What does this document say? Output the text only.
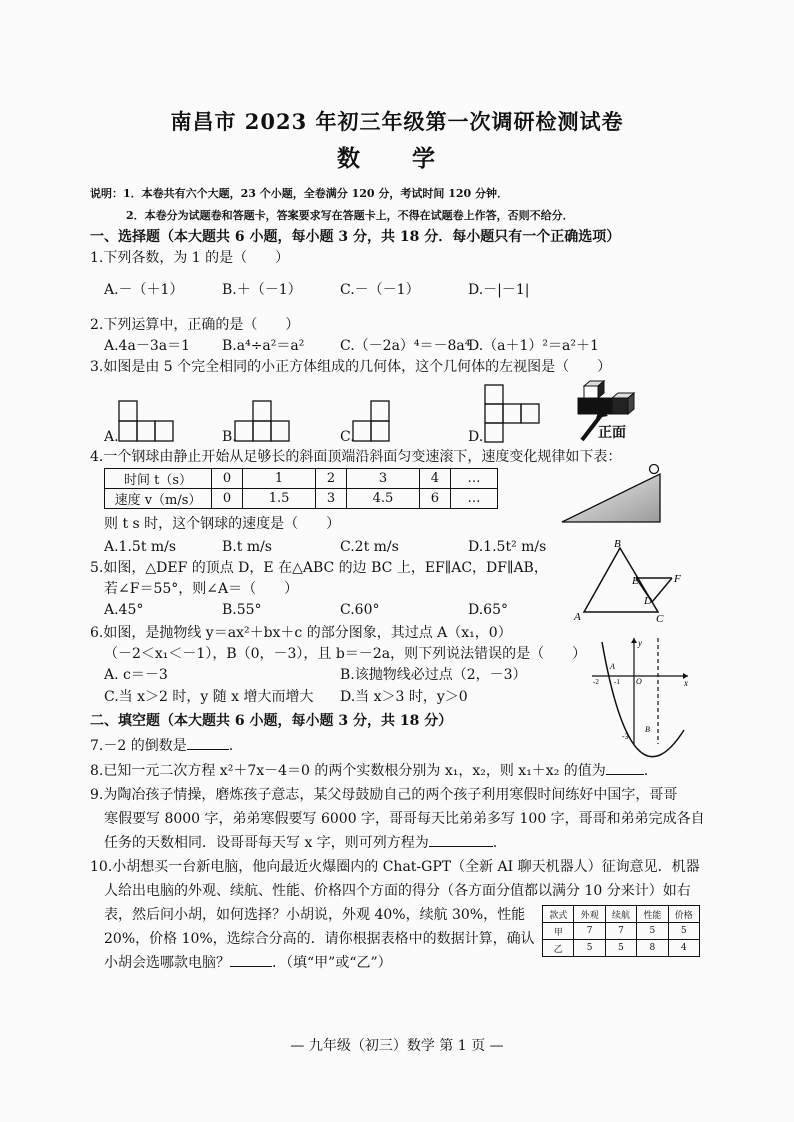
南昌市 2023 年初三年级第一次调研检测试卷
数 学
说明：1．本卷共有六个大题，23 个小题，全卷满分 120 分，考试时间 120 分钟．
2．本卷分为试题卷和答题卡，答案要求写在答题卡上，不得在试题卷上作答，否则不给分．
一、选择题（本大题共 6 小题，每小题 3 分，共 18 分．每小题只有一个正确选项）
1.下列各数，为 1 的是（　　）
A.－（＋1）	B.＋（－1）	C.－（－1）	D.－|－1|
2.下列运算中，正确的是（　　）
A.4a－3a＝1 B.a⁴÷a²＝a²	C.（－2a）⁴＝－8a⁴
D.（a＋1）²＝a²＋1
3.如图是由 5 个完全相同的小正方体组成的几何体，这个几何体的左视图是（　　）
A.	B.	C.	D.	正面
4.一个钢球由静止开始从足够长的斜面顶端沿斜面匀变速滚下，速度变化规律如下表：
时间 t（s）	0	1	2	3	4	…
速度 v（m/s）	0	1.5	3	4.5	6	…
则 t s 时，这个钢球的速度是（　　）
A.1.5t m/s	B.t m/s	C.2t m/s	D.1.5t² m/s
5.如图，△DEF 的顶点 D，E 在△ABC 的边 BC 上，EF∥AC，DF∥AB，
若∠F＝55°，则∠A＝（　　）
A.45°	B.55°	C.60°	D.65°
B
A	C
E	F
D
6.如图，是抛物线 y＝ax²＋bx＋c 的部分图象，其过点 A（x₁，0）
（－2＜x₁＜－1），B（0，－3），且 b＝－2a，则下列说法错误的是（　　）
A. c＝－3	B.该抛物线必过点（2，－3）
C.当 x＞2 时，y 随 x 增大而增大 D.当 x＞3 时，y＞0
y
x
O
A
-2 -1
B
-3
二、填空题（本大题共 6 小题，每小题 3 分，共 18 分）
7.－2 的倒数是	.
8.已知一元二次方程 x²＋7x－4＝0 的两个实数根分别为 x₁，x₂，则 x₁＋x₂ 的值为	.
9.为陶冶孩子情操，磨炼孩子意志，某父母鼓励自己的两个孩子利用寒假时间练好中国字，哥哥
寒假要写 8000 字，弟弟寒假要写 6000 字，哥哥每天比弟弟多写 100 字，哥哥和弟弟完成各自
任务的天数相同．设哥哥每天写 x 字，则可列方程为	.
10.小胡想买一台新电脑，他向最近火爆圈内的 Chat-GPT（全新 AI 聊天机器人）征询意见．机器
人给出电脑的外观、续航、性能、价格四个方面的得分（各方面分值都以满分 10 分来计）如右
表，然后问小胡，如何选择？小胡说，外观 40%，续航 30%，性能
20%，价格 10%，选综合分高的．请你根据表格中的数据计算，确认
小胡会选哪款电脑？	．（填“甲”或“乙”）
款式	外观	续航	性能	价格
甲	7	7	5	5
乙	5	5	8	4
— 九年级（初三）数学 第 1 页 —
